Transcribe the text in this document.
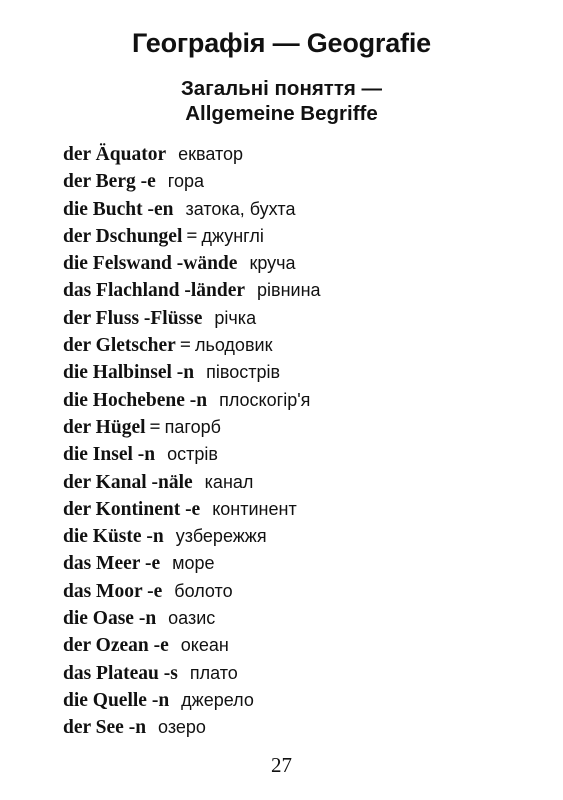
Географія — Geografie
Загальні поняття —
Allgemeine Begriffe
der Äquator екватор
der Berg -e гора
die Bucht -en затока, бухта
der Dschungel = джунглі
die Felswand -wände круча
das Flachland -länder рівнина
der Fluss -Flüsse річка
der Gletscher = льодовик
die Halbinsel -n півострів
die Hochebene -n плоскогір'я
der Hügel = пагорб
die Insel -n острів
der Kanal -näle канал
der Kontinent -e континент
die Küste -n узбережжя
das Meer -e море
das Moor -e болото
die Oase -n оазис
der Ozean -e океан
das Plateau -s плато
die Quelle -n джерело
der See -n озеро
27
